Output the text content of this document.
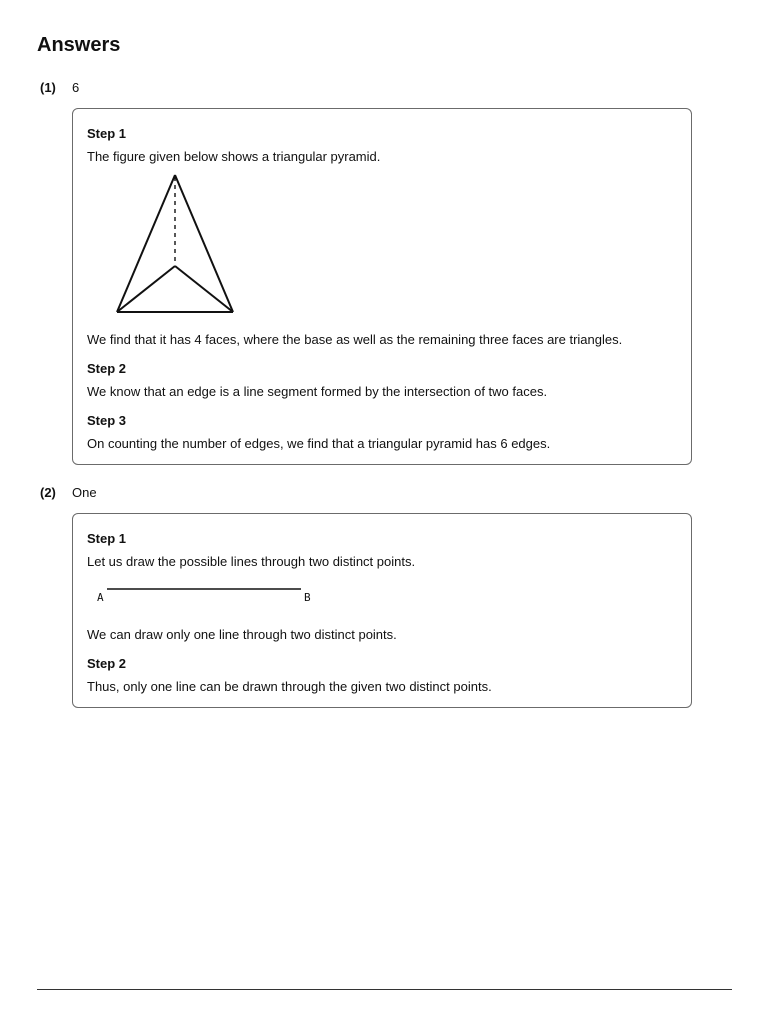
Answers
(1)	6

Step 1

The figure given below shows a triangular pyramid.

We find that it has 4 faces, where the base as well as the remaining three faces are triangles.

Step 2

We know that an edge is a line segment formed by the intersection of two faces.

Step 3

On counting the number of edges, we find that a triangular pyramid has 6 edges.

(2)	One

Step 1

Let us draw the possible lines through two distinct points.

A	B

We can draw only one line through two distinct points.

Step 2

Thus, only one line can be drawn through the given two distinct points.
